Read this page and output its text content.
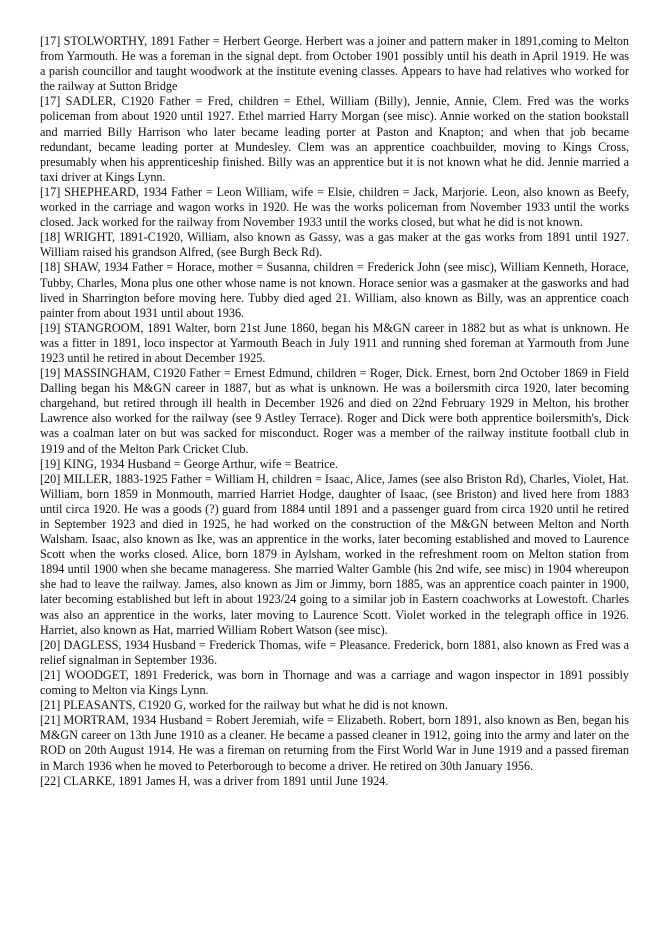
[17] STOLWORTHY, 1891 Father = Herbert George. Herbert was a joiner and pattern maker in 1891,coming to Melton from Yarmouth. He was a foreman in the signal dept. from October 1901 possibly until his death in April 1919. He was a parish councillor and taught woodwork at the institute evening classes. Appears to have had relatives who worked for the railway at Sutton Bridge

[17] SADLER, C1920 Father = Fred, children = Ethel, William (Billy), Jennie, Annie, Clem. Fred was the works policeman from about 1920 until 1927. Ethel married Harry Morgan (see misc). Annie worked on the station bookstall and married Billy Harrison who later became leading porter at Paston and Knapton; and when that job became redundant, became leading porter at Mundesley. Clem was an apprentice coachbuilder, moving to Kings Cross, presumably when his apprenticeship finished. Billy was an apprentice but it is not known what he did. Jennie married a taxi driver at Kings Lynn.

[17] SHEPHEARD, 1934 Father = Leon William, wife = Elsie, children = Jack, Marjorie. Leon, also known as Beefy, worked in the carriage and wagon works in 1920. He was the works policeman from November 1933 until the works closed. Jack worked for the railway from November 1933 until the works closed, but what he did is not known.

[18] WRIGHT, 1891-C1920, William, also known as Gassy, was a gas maker at the gas works from 1891 until 1927. William raised his grandson Alfred, (see Burgh Beck Rd).

[18] SHAW, 1934 Father = Horace, mother = Susanna, children = Frederick John (see misc), William Kenneth, Horace, Tubby, Charles, Mona plus one other whose name is not known. Horace senior was a gasmaker at the gasworks and had lived in Sharrington before moving here. Tubby died aged 21. William, also known as Billy, was an apprentice coach painter from about 1931 until about 1936.

[19] STANGROOM, 1891 Walter, born 21st June 1860, began his M&GN career in 1882 but as what is unknown. He was a fitter in 1891, loco inspector at Yarmouth Beach in July 1911 and running shed foreman at Yarmouth from June 1923 until he retired in about December 1925.

[19] MASSINGHAM, C1920 Father = Ernest Edmund, children = Roger, Dick. Ernest, born 2nd October 1869 in Field Dalling began his M&GN career in 1887, but as what is unknown. He was a boilersmith circa 1920, later becoming chargehand, but retired through ill health in December 1926 and died on 22nd February 1929 in Melton, his brother Lawrence also worked for the railway (see 9 Astley Terrace). Roger and Dick were both apprentice boilersmith's, Dick was a coalman later on but was sacked for misconduct. Roger was a member of the railway institute football club in 1919 and of the Melton Park Cricket Club.

[19] KING, 1934 Husband = George Arthur, wife = Beatrice.

[20] MILLER, 1883-1925 Father = William H, children = Isaac, Alice, James (see also Briston Rd), Charles, Violet, Hat. William, born 1859 in Monmouth, married Harriet Hodge, daughter of Isaac, (see Briston) and lived here from 1883 until circa 1920. He was a goods (?) guard from 1884 until 1891 and a passenger guard from circa 1920 until he retired in September 1923 and died in 1925, he had worked on the construction of the M&GN between Melton and North Walsham. Isaac, also known as Ike, was an apprentice in the works, later becoming established and moved to Laurence Scott when the works closed. Alice, born 1879 in Aylsham, worked in the refreshment room on Melton station from 1894 until 1900 when she became manageress. She married Walter Gamble (his 2nd wife, see misc) in 1904 whereupon she had to leave the railway. James, also known as Jim or Jimmy, born 1885, was an apprentice coach painter in 1900, later becoming established but left in about 1923/24 going to a similar job in Eastern coachworks at Lowestoft. Charles was also an apprentice in the works, later moving to Laurence Scott. Violet worked in the telegraph office in 1926. Harriet, also known as Hat, married William Robert Watson (see misc).

[20] DAGLESS, 1934 Husband = Frederick Thomas, wife = Pleasance. Frederick, born 1881, also known as Fred was a relief signalman in September 1936.

[21] WOODGET, 1891 Frederick, was born in Thornage and was a carriage and wagon inspector in 1891 possibly coming to Melton via Kings Lynn.

[21] PLEASANTS, C1920 G, worked for the railway but what he did is not known.

[21] MORTRAM, 1934 Husband = Robert Jeremiah, wife = Elizabeth. Robert, born 1891, also known as Ben, began his M&GN career on 13th June 1910 as a cleaner. He became a passed cleaner in 1912, going into the army and later on the ROD on 20th August 1914. He was a fireman on returning from the First World War in June 1919 and a passed fireman in March 1936 when he moved to Peterborough to become a driver. He retired on 30th January 1956.

[22] CLARKE, 1891 James H, was a driver from 1891 until June 1924.
